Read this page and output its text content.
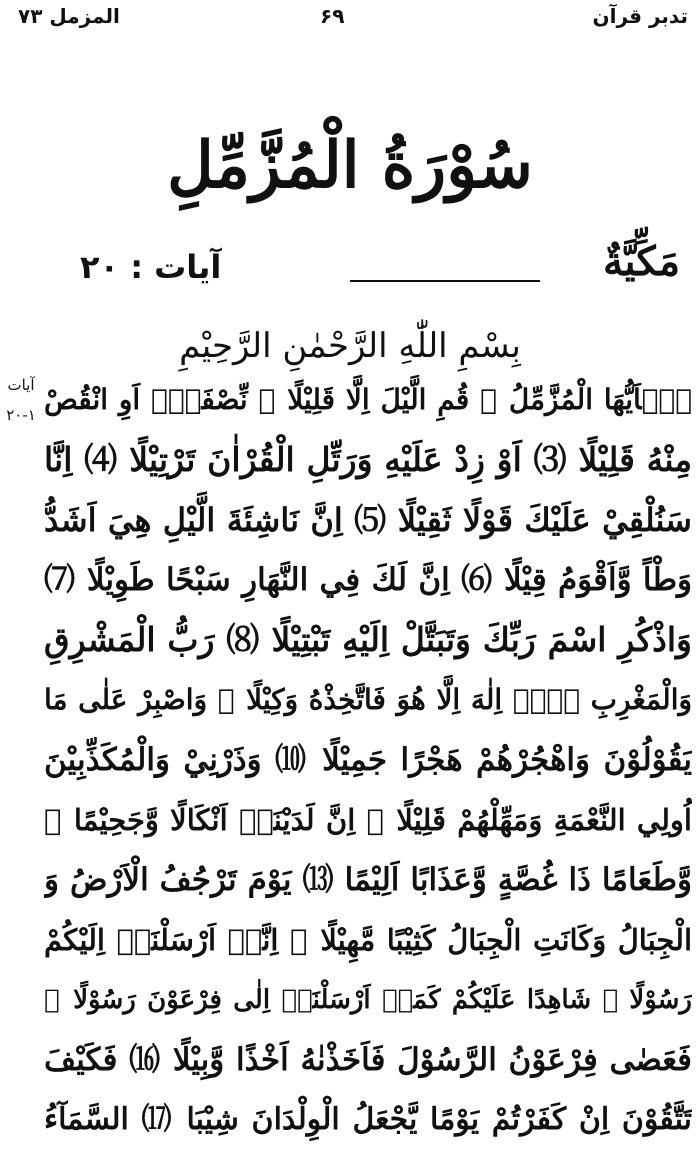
تدبر قرآن
۶۹
المزمل ۷۳
سُوْرَةُ الْمُزَّمِّلِ
مَکِّیَّةٌ
آیات : ۲۰
بِسْمِ اللّٰهِ الرَّحْمٰنِ الرَّحِيْمِ
آیات
۲۰-۱ يٰۤاَيُّهَا الْمُزَّمِّلُ ⑴ قُمِ الَّيْلَ اِلَّا قَلِيْلًا ⑵ نِّصْفَهٗۤ اَوِ انْقُصْ
مِنْهُ قَلِيْلًا ⑶ اَوْ زِدْ عَلَيْهِ وَرَتِّلِ الْقُرْاٰنَ تَرْتِيْلًا ⑷ اِنَّا
سَنُلْقِيْ عَلَيْكَ قَوْلًا ثَقِيْلًا ⑸ اِنَّ نَاشِئَةَ الَّيْلِ هِيَ اَشَدُّ
وَطْاً وَّاَقْوَمُ قِيْلًا ⑹ اِنَّ لَكَ فِي النَّهَارِ سَبْحًا طَوِيْلًا ⑺
وَاذْكُرِ اسْمَ رَبِّكَ وَتَبَتَّلْ اِلَيْهِ تَبْتِيْلًا ⑻ رَبُّ الْمَشْرِقِ
وَالْمَغْرِبِ لَاۤ اِلٰهَ اِلَّا هُوَ فَاتَّخِذْهُ وَكِيْلًا ⑼ وَاصْبِرْ عَلٰى مَا
يَقُوْلُوْنَ وَاهْجُرْهُمْ هَجْرًا جَمِيْلًا ⑽ وَذَرْنِيْ وَالْمُكَذِّبِيْنَ
اُولِي النَّعْمَةِ وَمَهِّلْهُمْ قَلِيْلًا ⑾ اِنَّ لَدَيْنَاۤ اَنْكَالًا وَّجَحِيْمًا ⑿
وَّطَعَامًا ذَا غُصَّةٍ وَّعَذَابًا اَلِيْمًا ⒀ يَوْمَ تَرْجُفُ الْاَرْضُ وَ
الْجِبَالُ وَكَانَتِ الْجِبَالُ كَثِيْبًا مَّهِيْلًا ⒁ اِنَّاۤ اَرْسَلْنَاۤ اِلَيْكُمْ
رَسُوْلًا ۙ شَاهِدًا عَلَيْكُمْ كَمَاۤ اَرْسَلْنَاۤ اِلٰى فِرْعَوْنَ رَسُوْلًا ⒂
فَعَصٰى فِرْعَوْنُ الرَّسُوْلَ فَاَخَذْنٰهُ اَخْذًا وَّبِيْلًا ⒃ فَكَيْفَ
تَتَّقُوْنَ اِنْ كَفَرْتُمْ يَوْمًا يَّجْعَلُ الْوِلْدَانَ شِيْبَا ⒄ السَّمَآءُ
